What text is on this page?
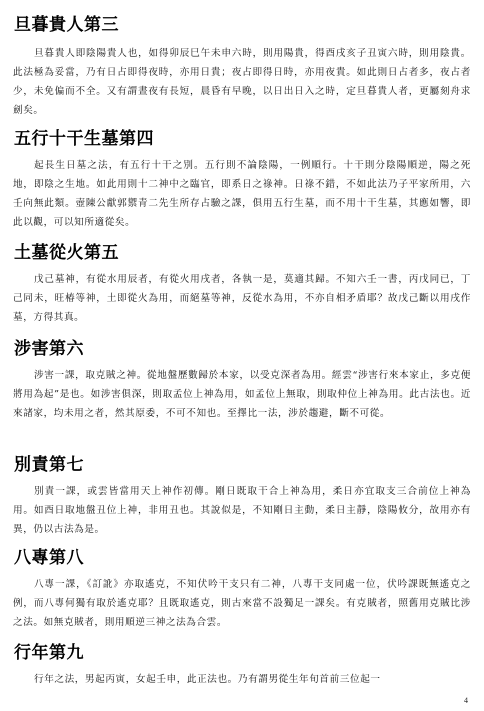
旦暮貴人第三
旦暮貴人即陰陽貴人也，如得卯辰巳午未申六時，則用陽貴，得酉戌亥子丑寅六時，則用陰貴。此法極為妥當，乃有日占即得夜時，亦用日貴；夜占即得日時，亦用夜貴。如此則日占者多，夜占者少，未免偏而不全。又有謂晝夜有長短，晨昏有早晚，以日出日入之時，定旦暮貴人者，更屬刻舟求劍矣。
五行十干生墓第四
起長生日墓之法，有五行十干之別。五行則不論陰陽，一例順行。十干則分陰陽順逆，陽之死地，即陰之生地。如此用則十二神中之臨官，即系日之祿神。日祿不錯，不如此法乃子平家所用，六壬向無此類。壺陳公獻郭禦青二先生所存占驗之課，俱用五行生墓，而不用十干生墓，其應如響，即此以觀，可以知所適從矣。
土墓從火第五
戊己墓神，有從水用辰者，有從火用戌者，各執一是，莫適其歸。不知六壬一書，丙戊同已，丁己同未，旺椿等神，土即從火為用，而絕墓等神，反從水為用，不亦自相矛盾耶？故戊己斷以用戌作墓，方得其真。
涉害第六
涉害一課，取克賊之神。從地盤歷數歸於本家，以受克深者為用。經雲“涉害行來本家止，多克便將用為起”是也。如涉害俱深，則取孟位上神為用，如孟位上無取，則取仲位上神為用。此古法也。近來諸家，均未用之者，然其原委，不可不知也。至擇比一法，涉於趨避，斷不可從。
別責第七
別責一課，或雲皆當用天上神作初傳。剛日既取干合上神為用，柔日亦宜取支三合前位上神為用。如酉日取地盤丑位上神，非用丑也。其說似是，不知剛日主動，柔日主靜，陰陽攸分，故用亦有異，仍以古法為是。
八專第八
八專一課，《訂訛》亦取遙克，不知伏吟干支只有二神，八專干支同處一位，伏吟課既無遙克之例，而八專何獨有取於遙克耶？且既取遙克，則古來當不設獨足一課矣。有克賊者，照舊用克賊比涉之法。如無克賊者，則用順逆三神之法為合雲。
行年第九
行年之法，男起丙寅，女起壬申，此正法也。乃有謂男從生年旬首前三位起一
4
